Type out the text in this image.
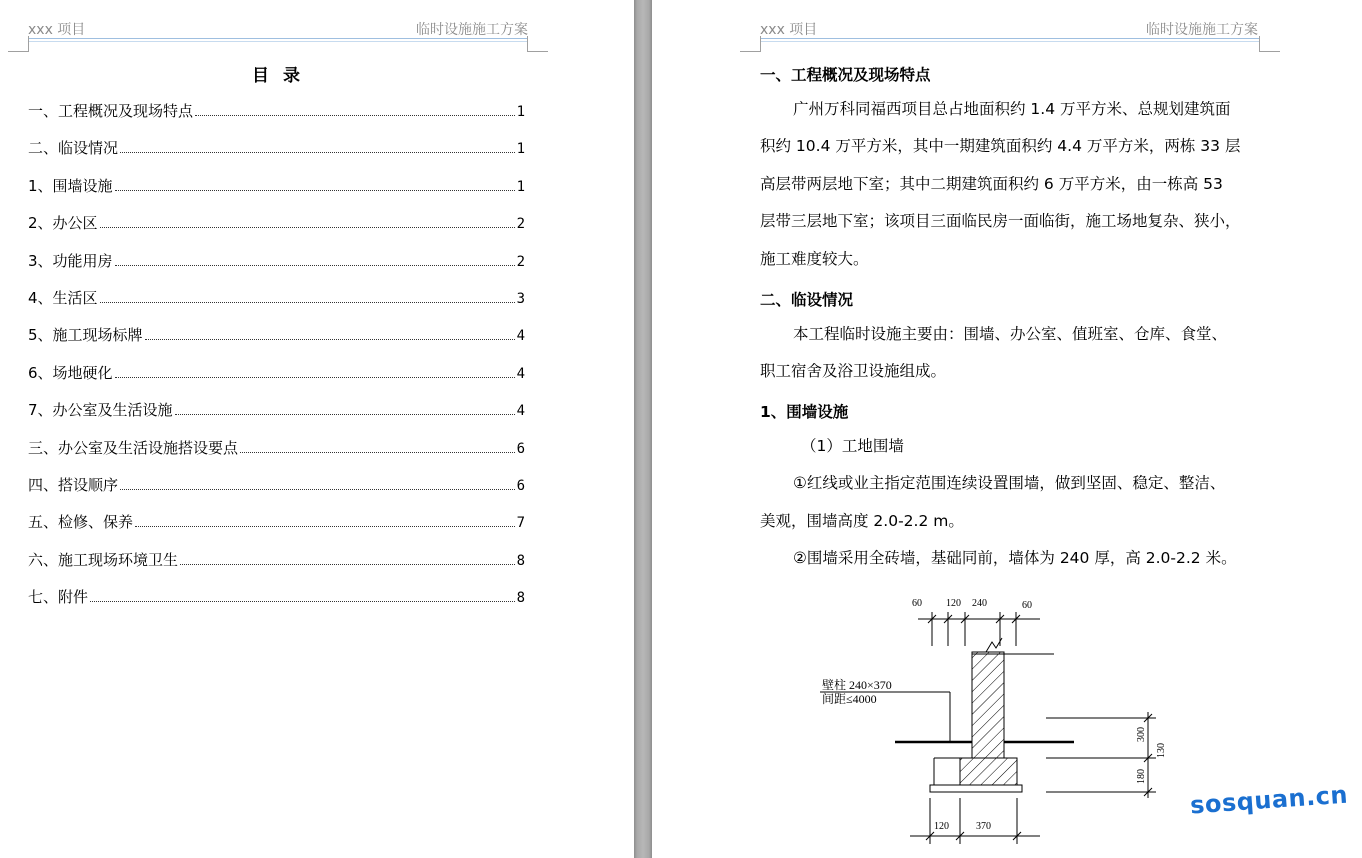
xxx 项目	临时设施施工方案
目 录
一、工程概况及现场特点	1
二、临设情况	1
1、围墙设施	1
2、办公区	2
3、功能用房	2
4、生活区	3
5、施工现场标牌	4
6、场地硬化	4
7、办公室及生活设施	4
三、办公室及生活设施搭设要点	6
四、搭设顺序	6
五、检修、保养	7
六、施工现场环境卫生	8
七、附件	8
xxx 项目	临时设施施工方案
一、工程概况及现场特点
广州万科同福西项目总占地面积约 1.4 万平方米、总规划建筑面
积约 10.4 万平方米，其中一期建筑面积约 4.4 万平方米，两栋 33 层
高层带两层地下室；其中二期建筑面积约 6 万平方米，由一栋高 53
层带三层地下室；该项目三面临民房一面临街，施工场地复杂、狭小，
施工难度较大。
二、临设情况
本工程临时设施主要由：围墙、办公室、值班室、仓库、食堂、
职工宿舍及浴卫设施组成。
1、围墙设施
（1）工地围墙
①红线或业主指定范围连续设置围墙，做到坚固、稳定、整洁、
美观，围墙高度 2.0-2.2 m。
②围墙采用全砖墙，基础同前，墙体为 240 厚，高 2.0-2.2 米。
60 120 240	60
壁柱 240×370
间距≤4000
300
130
180
120	370
sosquan.cn
